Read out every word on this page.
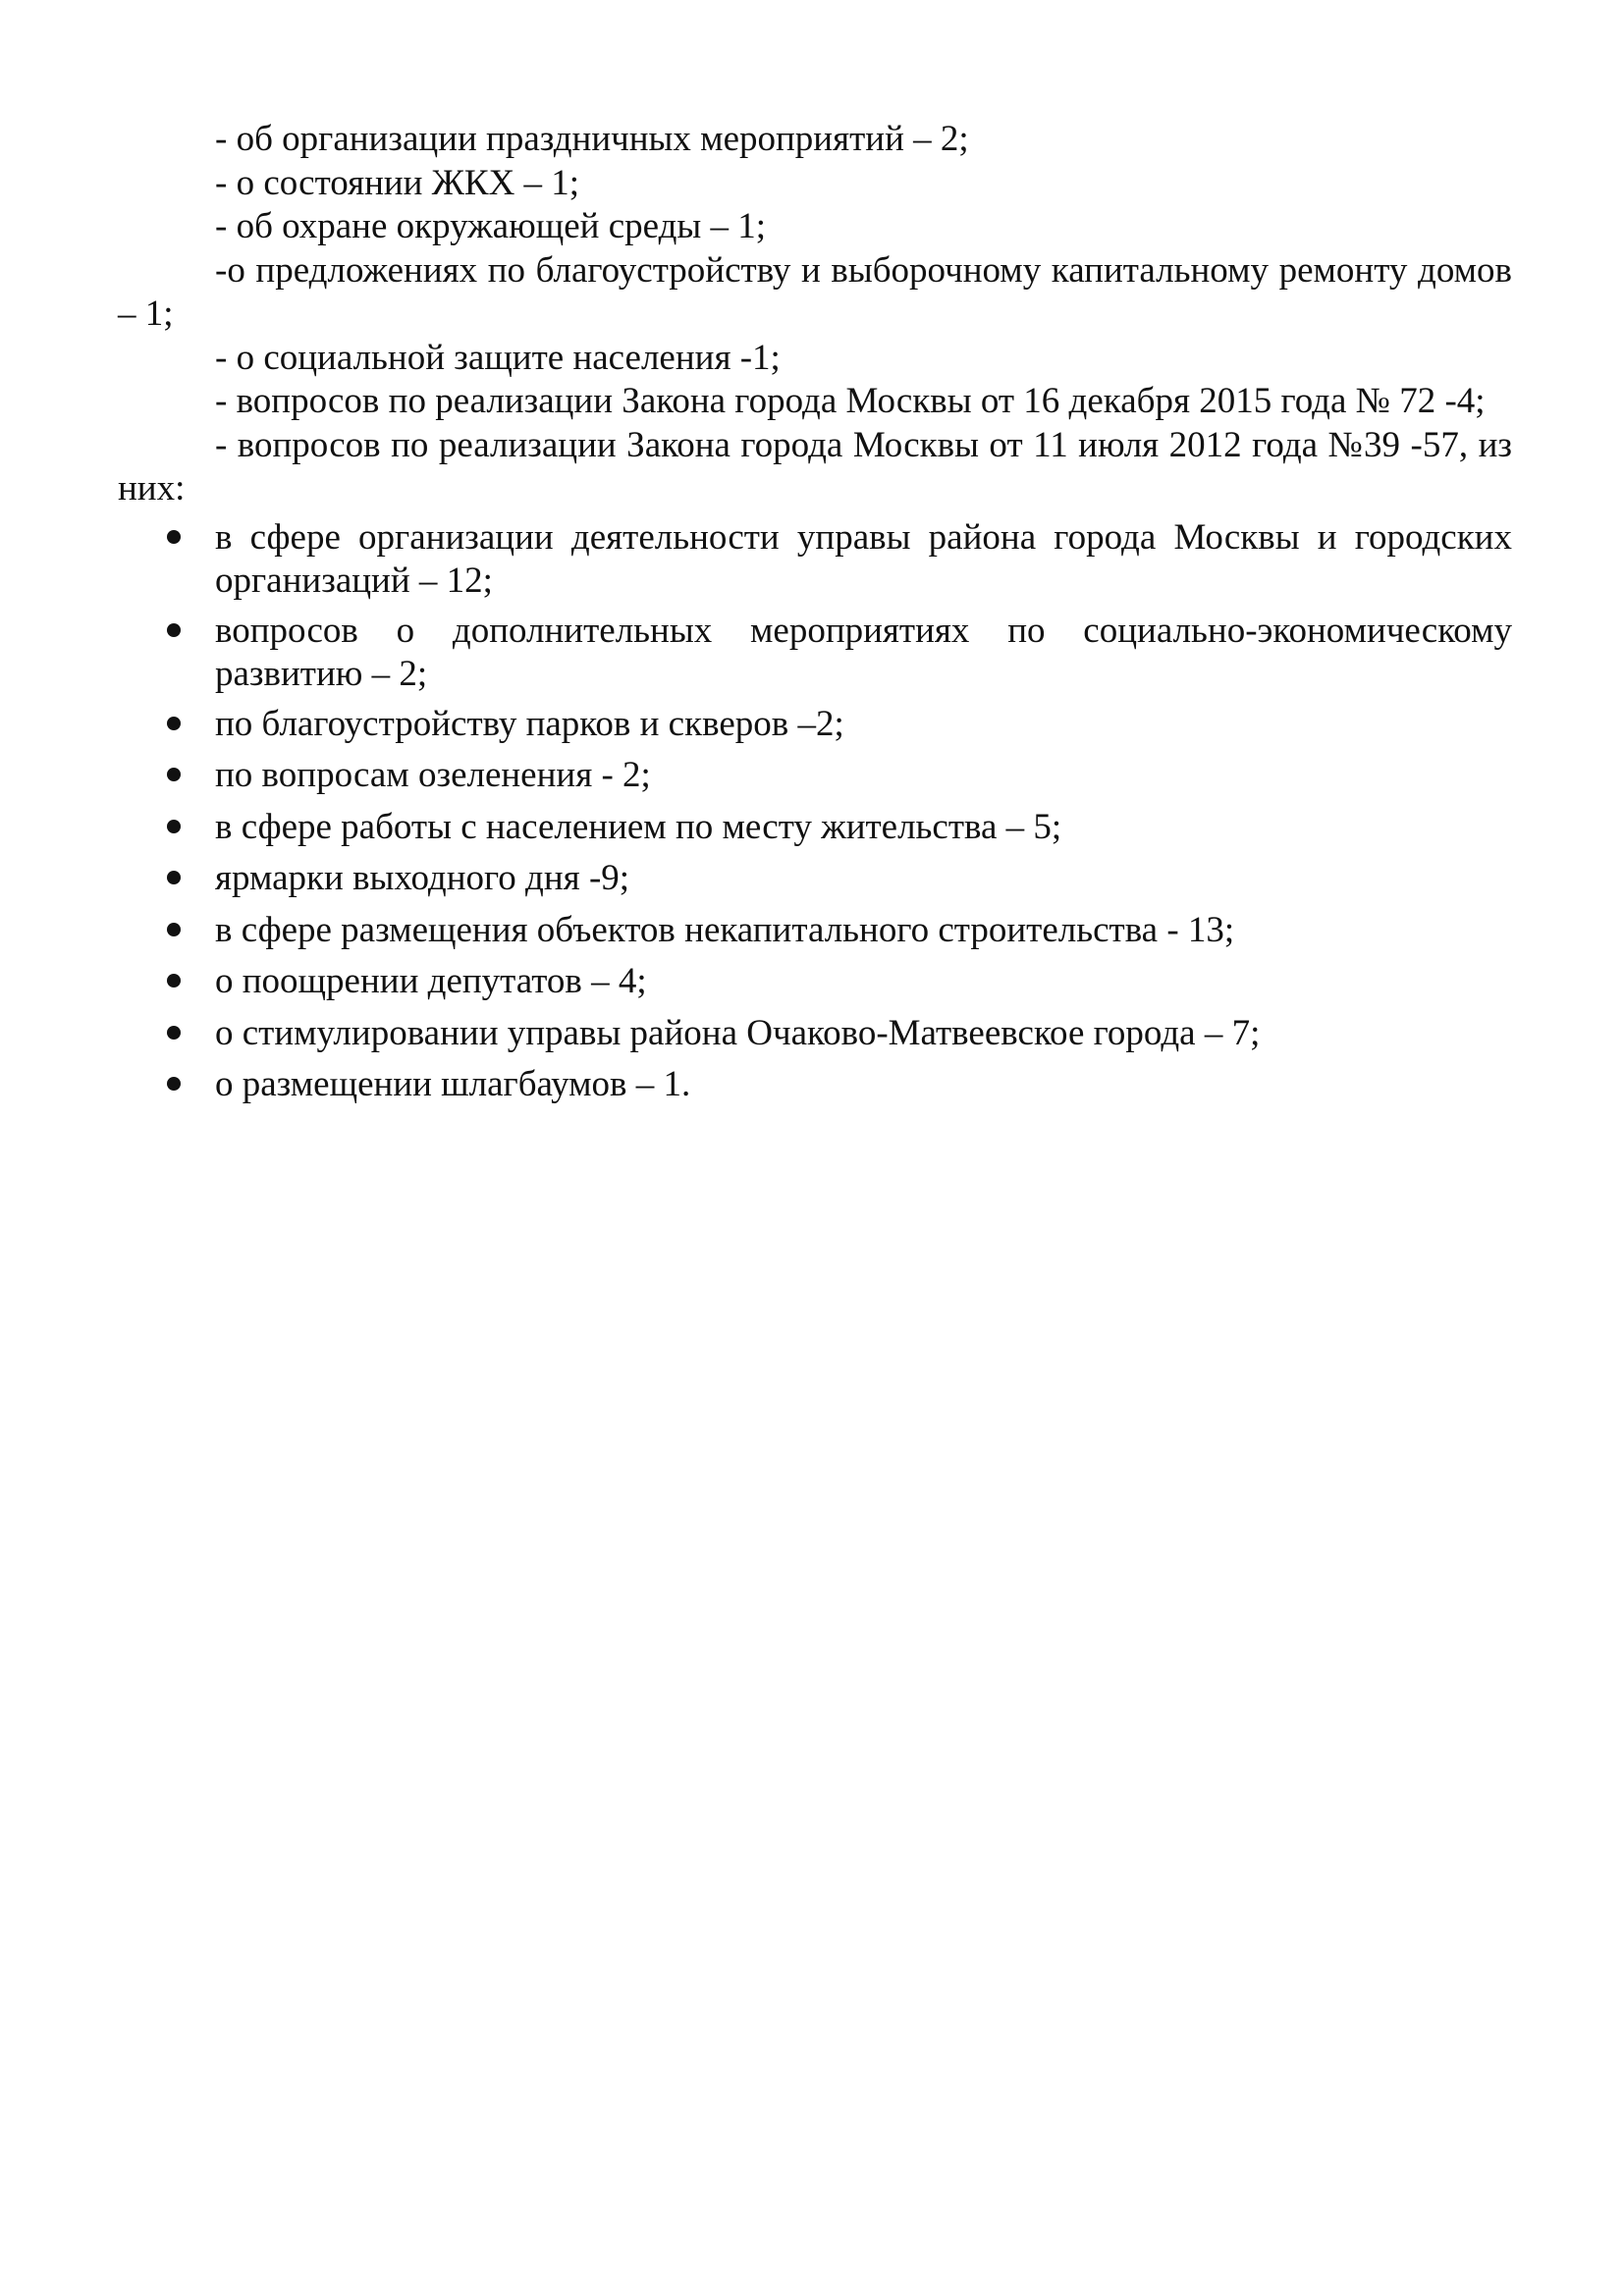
- об организации праздничных мероприятий – 2;

- о состоянии ЖКХ – 1;

- об охране окружающей среды – 1;

-о предложениях по благоустройству и выборочному капитальному ремонту домов – 1;

- о социальной защите населения -1;

- вопросов по реализации Закона города Москвы от 16 декабря 2015 года № 72 -4;

- вопросов по реализации Закона города Москвы от 11 июля 2012 года №39 -57, из них:

в сфере организации деятельности управы района города Москвы и городских организаций – 12;
вопросов о дополнительных мероприятиях по социально-экономическому развитию – 2;
по благоустройству парков и скверов –2;
по вопросам озеленения - 2;
в сфере работы с населением по месту жительства – 5;
ярмарки выходного дня -9;
в сфере размещения объектов некапитального строительства - 13;
о поощрении депутатов – 4;
о стимулировании управы района Очаково-Матвеевское города – 7;
о размещении шлагбаумов – 1.
